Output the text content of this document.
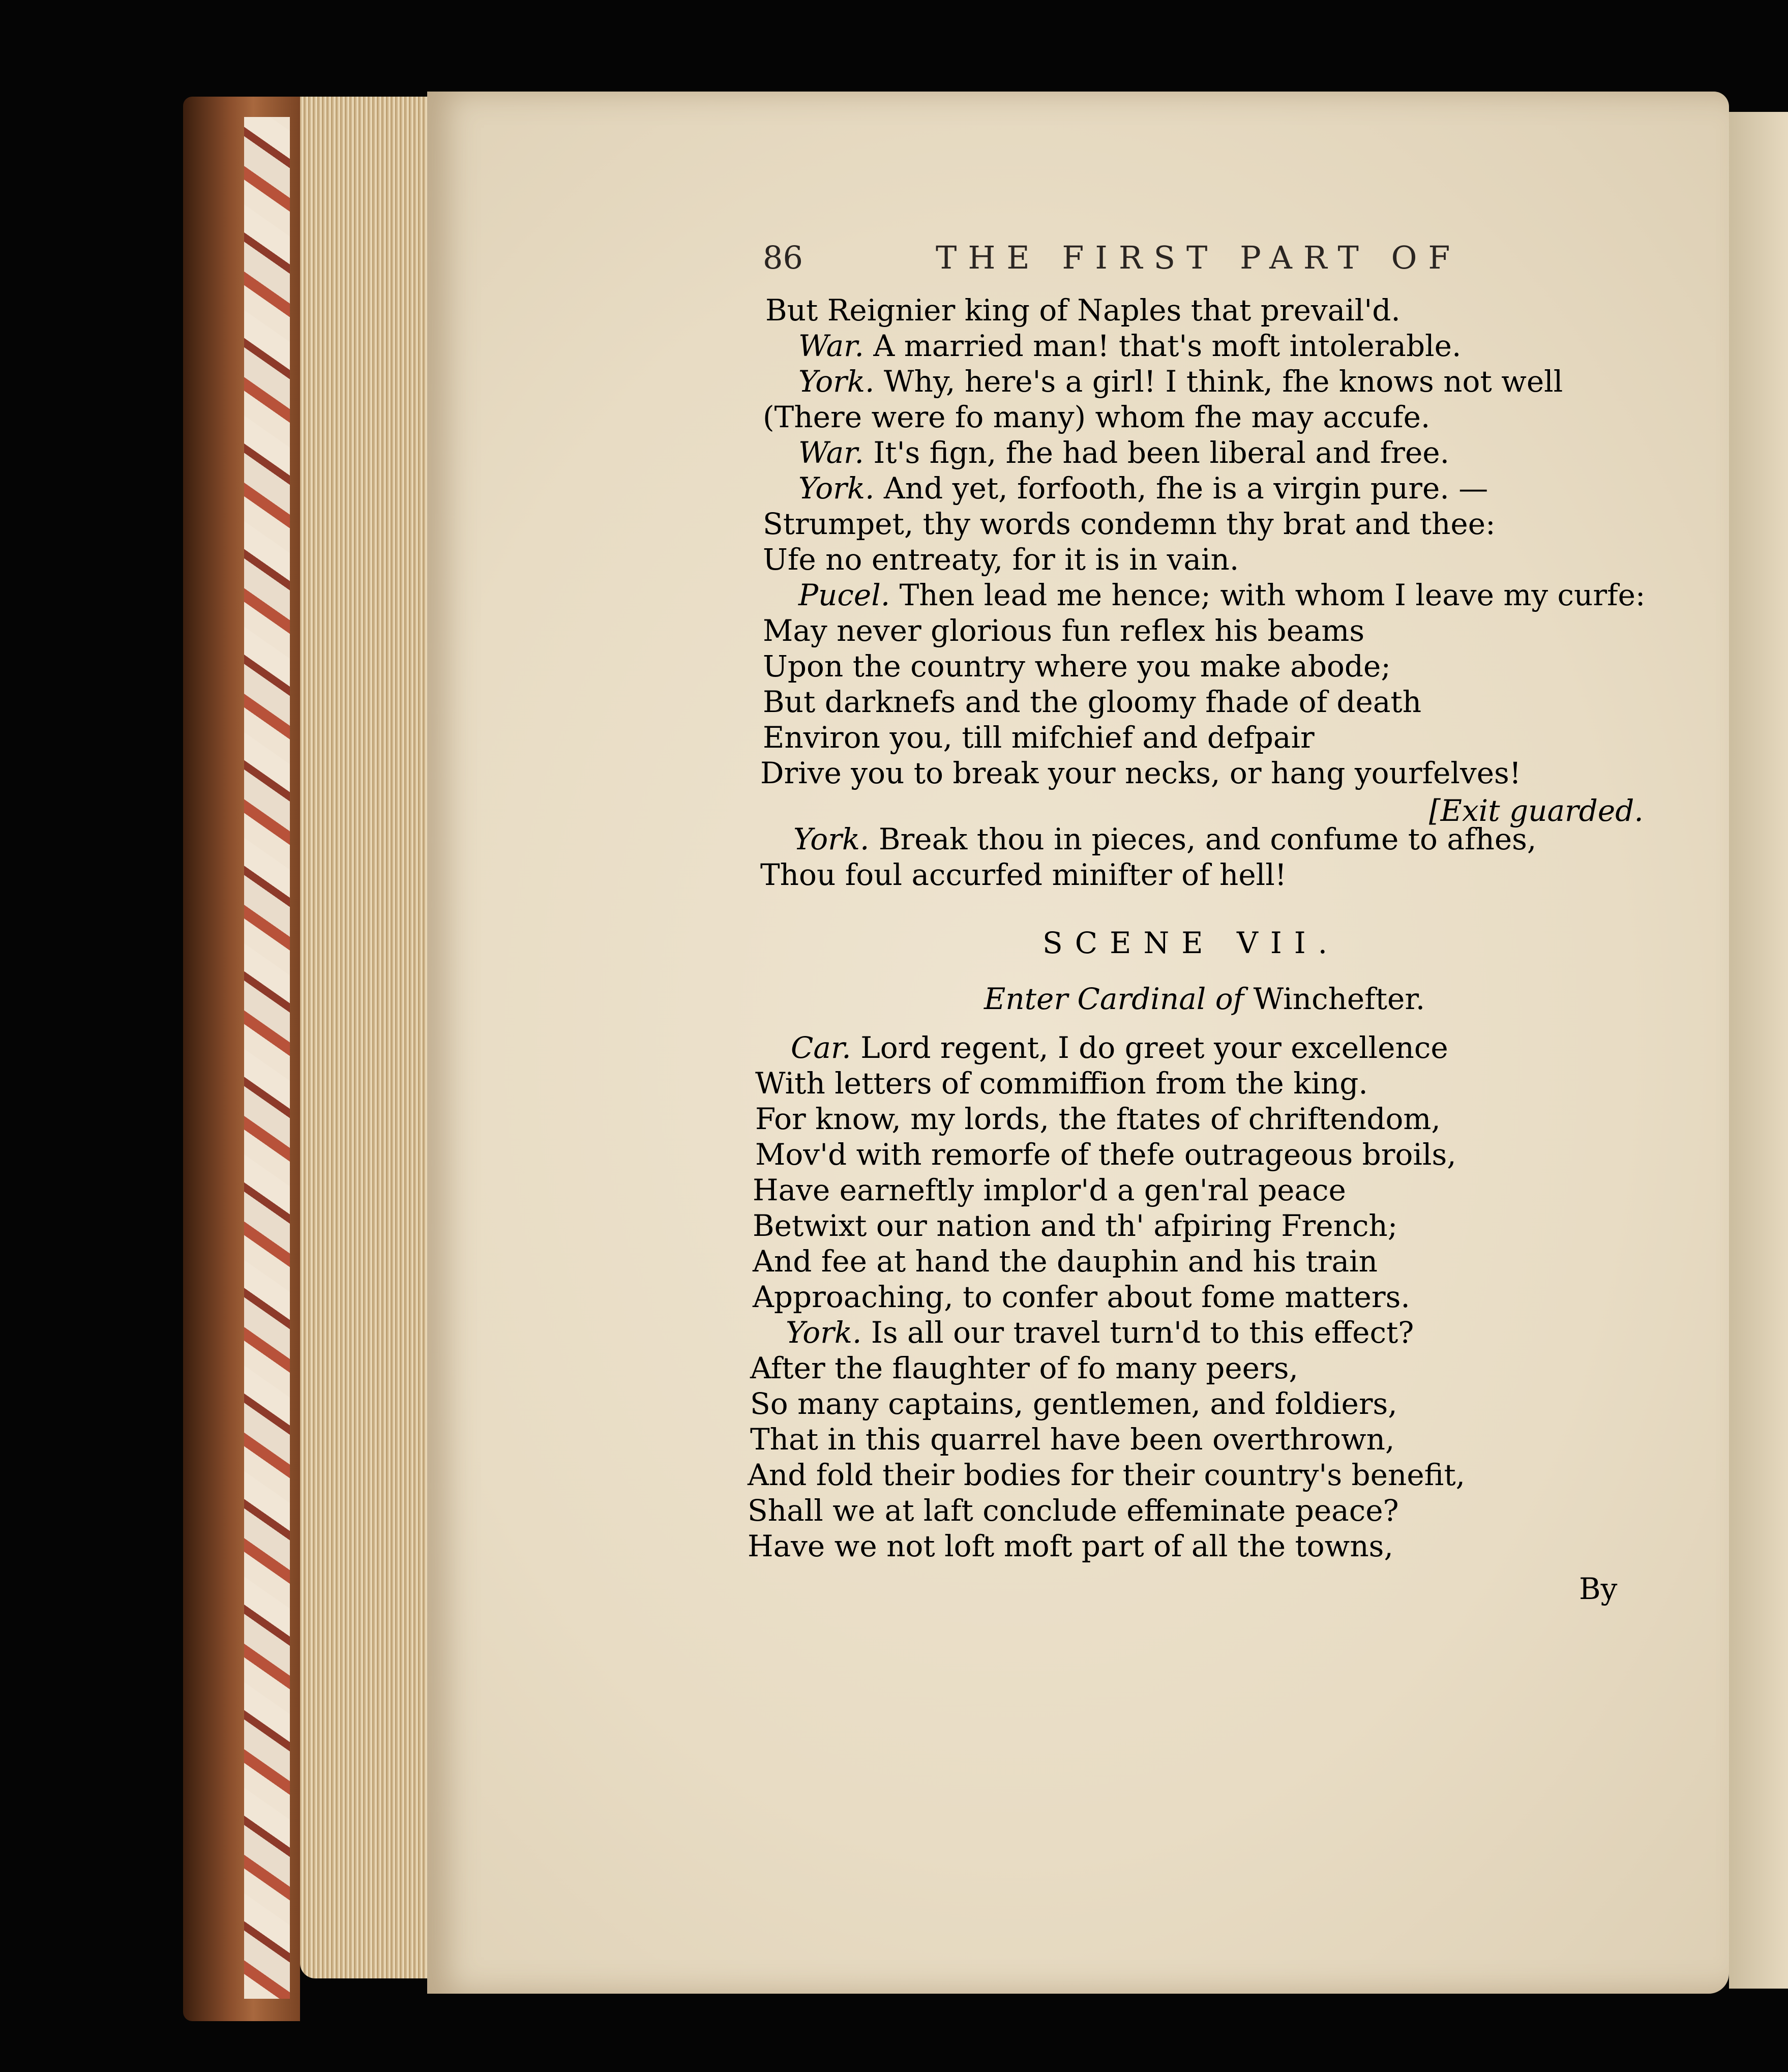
86	THE FIRST PART OF
But Reignier king of Naples that prevail'd.
War. A married man! that's moft intolerable.
York. Why, here's a girl! I think, fhe knows not well
(There were fo many) whom fhe may accufe.
War. It's fign, fhe had been liberal and free.
York. And yet, forfooth, fhe is a virgin pure. —
Strumpet, thy words condemn thy brat and thee:
Ufe no entreaty, for it is in vain.
Pucel. Then lead me hence; with whom I leave my curfe:
May never glorious fun reflex his beams
Upon the country where you make abode;
But darknefs and the gloomy fhade of death
Environ you, till mifchief and defpair
Drive you to break your necks, or hang yourfelves!
[Exit guarded.
York. Break thou in pieces, and confume to afhes,
Thou foul accurfed minifter of hell!
SCENE VII.
Enter Cardinal of Winchefter.
Car. Lord regent, I do greet your excellence
With letters of commiffion from the king.
For know, my lords, the ftates of chriftendom,
Mov'd with remorfe of thefe outrageous broils,
Have earneftly implor'd a gen'ral peace
Betwixt our nation and th' afpiring French;
And fee at hand the dauphin and his train
Approaching, to confer about fome matters.
York. Is all our travel turn'd to this effect?
After the flaughter of fo many peers,
So many captains, gentlemen, and foldiers,
That in this quarrel have been overthrown,
And fold their bodies for their country's benefit,
Shall we at laft conclude effeminate peace?
Have we not loft moft part of all the towns,
By
